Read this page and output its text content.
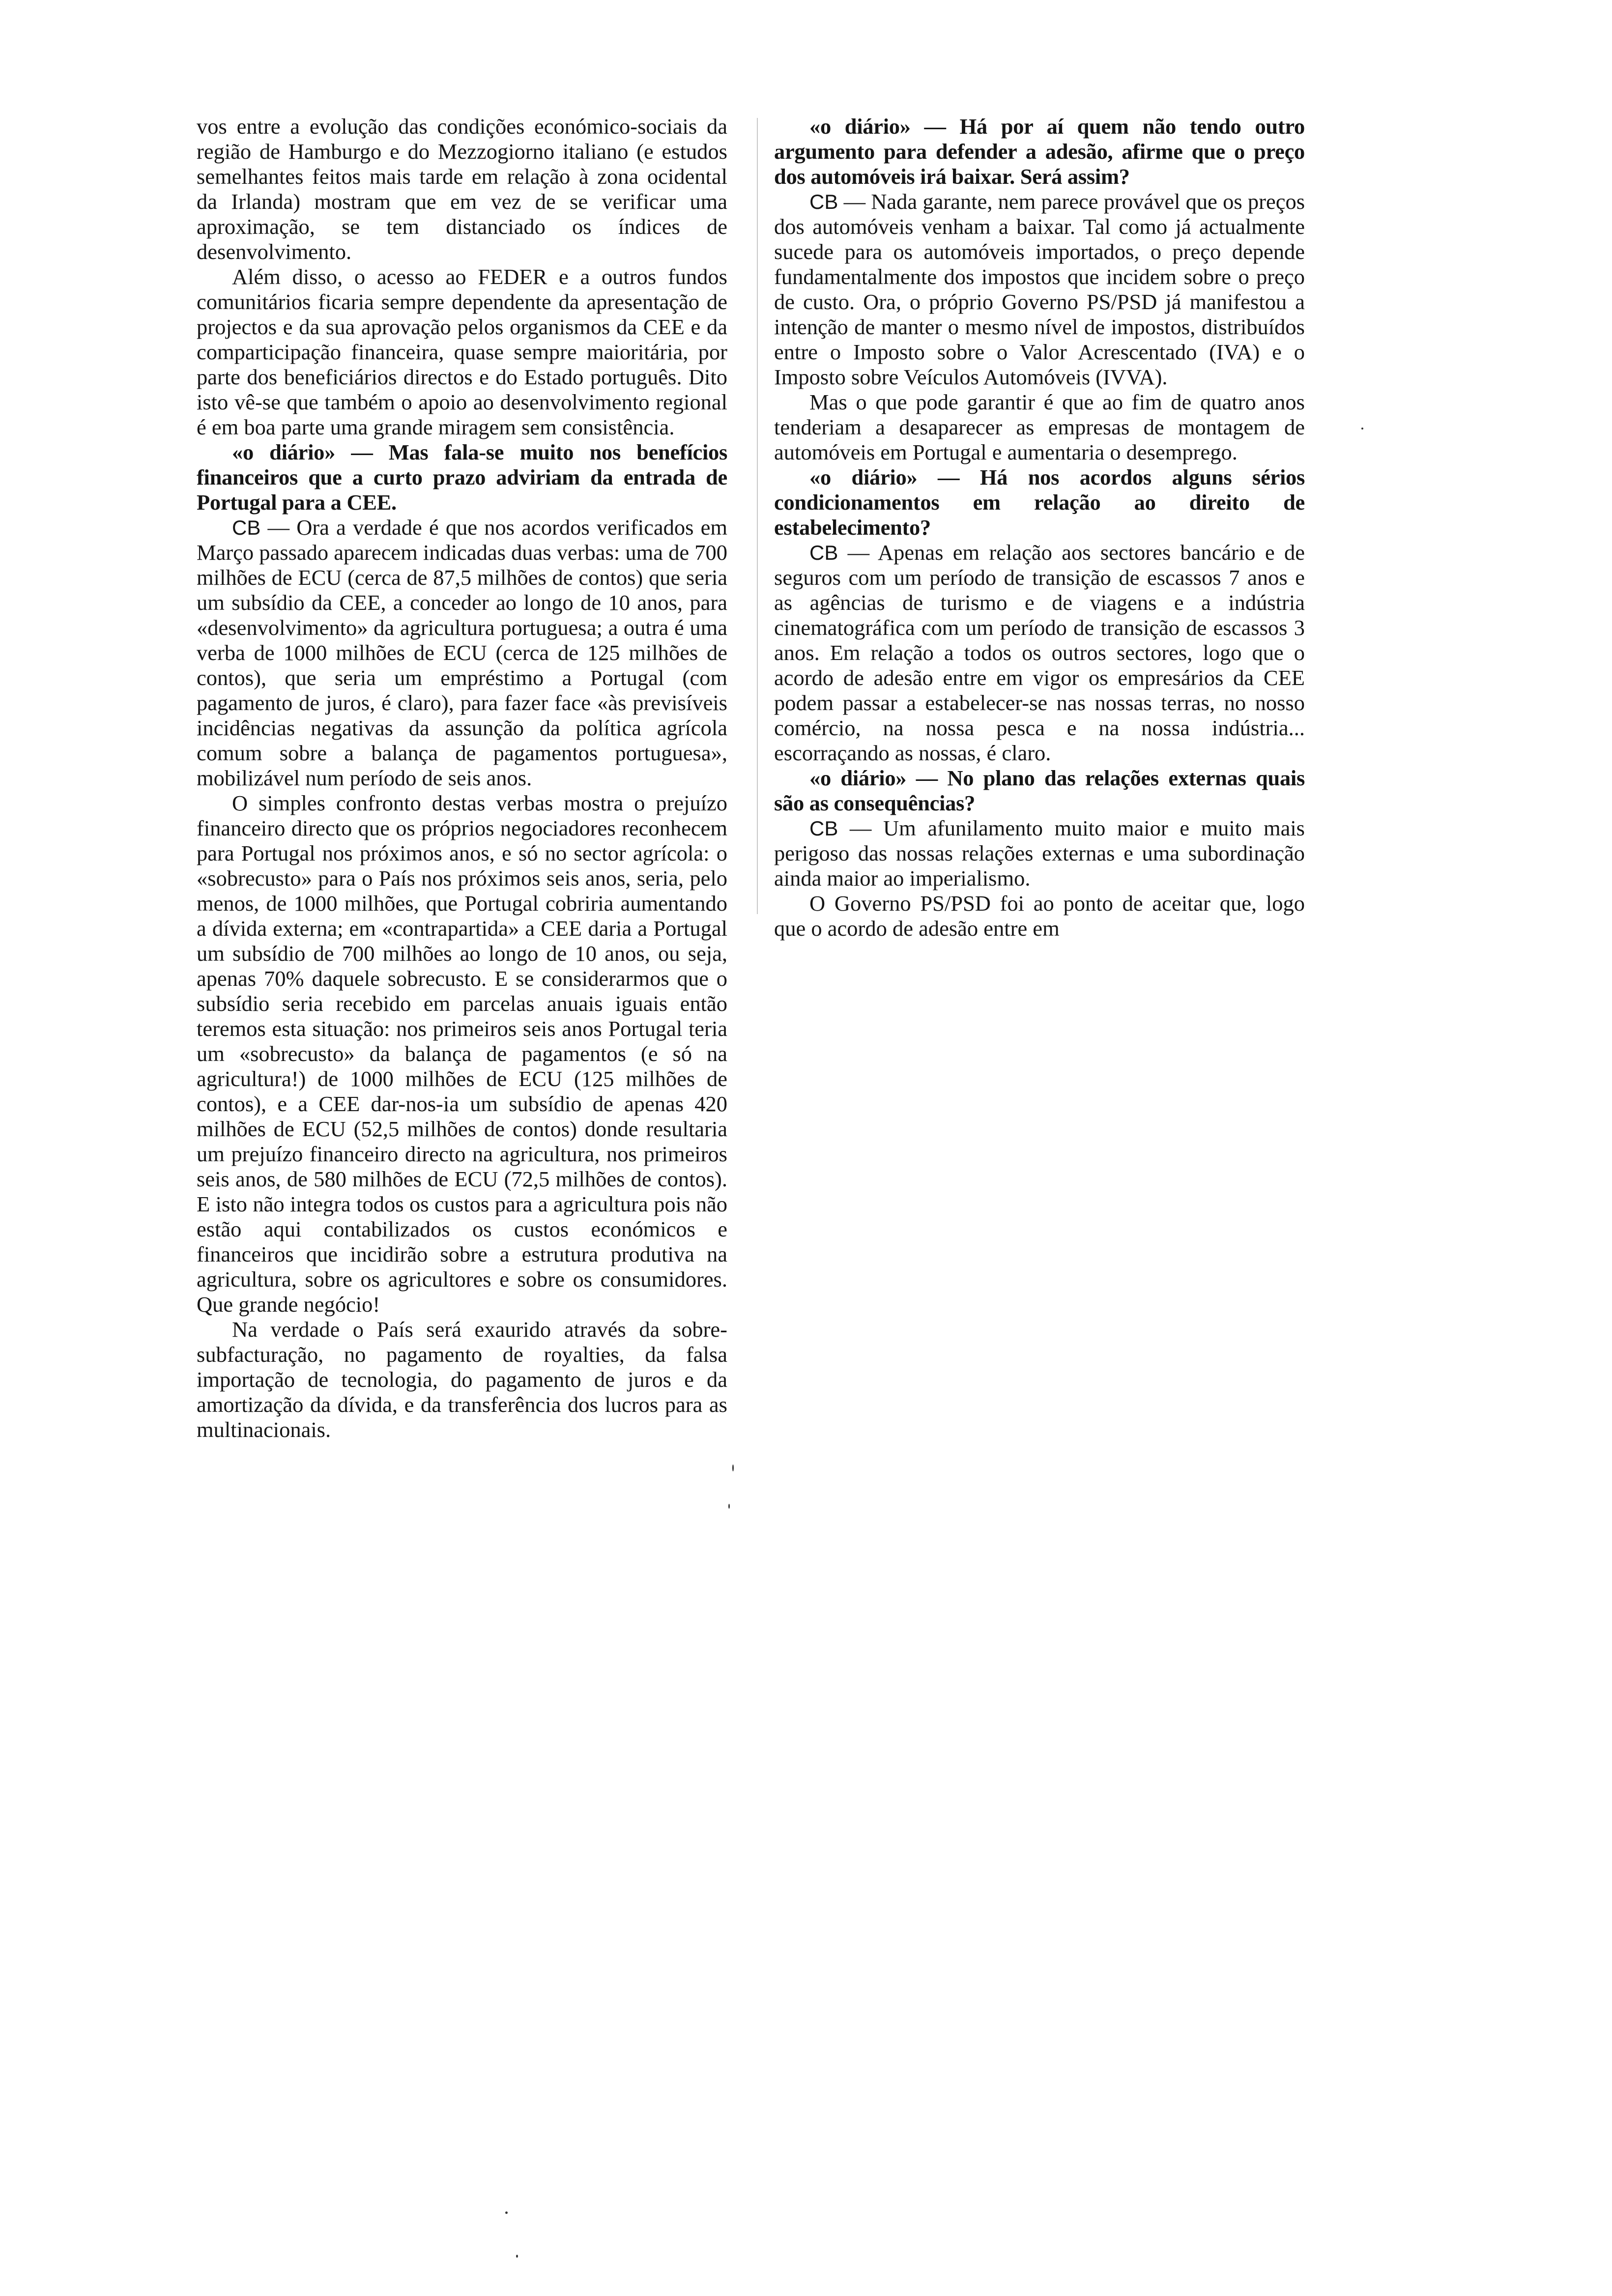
vos entre a evolução das condições económico-sociais da região de Hamburgo e do Mezzogiorno italiano (e estudos semelhantes feitos mais tarde em relação à zona ocidental da Irlanda) mostram que em vez de se verificar uma aproximação, se tem distanciado os índices de desenvolvimento.

Além disso, o acesso ao FEDER e a outros fundos comunitários ficaria sempre dependente da apresentação de projectos e da sua aprovação pelos organismos da CEE e da comparticipação financeira, quase sempre maioritária, por parte dos beneficiários directos e do Estado português. Dito isto vê-se que também o apoio ao desenvolvimento regional é em boa parte uma grande miragem sem consistência.

«o diário» — Mas fala-se muito nos benefícios financeiros que a curto prazo adviriam da entrada de Portugal para a CEE.

CB — Ora a verdade é que nos acordos verificados em Março passado aparecem indicadas duas verbas: uma de 700 milhões de ECU (cerca de 87,5 milhões de contos) que seria um subsídio da CEE, a conceder ao longo de 10 anos, para «desenvolvimento» da agricultura portuguesa; a outra é uma verba de 1000 milhões de ECU (cerca de 125 milhões de contos), que seria um empréstimo a Portugal (com pagamento de juros, é claro), para fazer face «às previsíveis incidências negativas da assunção da política agrícola comum sobre a balança de pagamentos portuguesa», mobilizável num período de seis anos.

O simples confronto destas verbas mostra o prejuízo financeiro directo que os próprios negociadores reconhecem para Portugal nos próximos anos, e só no sector agrícola: o «sobrecusto» para o País nos próximos seis anos, seria, pelo menos, de 1000 milhões, que Portugal cobriria aumentando a dívida externa; em «contrapartida» a CEE daria a Portugal um subsídio de 700 milhões ao longo de 10 anos, ou seja, apenas 70% daquele sobrecusto. E se considerarmos que o subsídio seria recebido em parcelas anuais iguais então teremos esta situação: nos primeiros seis anos Portugal teria um «sobrecusto» da balança de pagamentos (e só na agricultura!) de 1000 milhões de ECU (125 milhões de contos), e a CEE dar-nos-ia um subsídio de apenas 420 milhões de ECU (52,5 milhões de contos) donde resultaria um prejuízo financeiro directo na agricultura, nos primeiros seis anos, de 580 milhões de ECU (72,5 milhões de contos). E isto não integra todos os custos para a agricultura pois não estão aqui contabilizados os custos económicos e financeiros que incidirão sobre a estrutura produtiva na agricultura, sobre os agricultores e sobre os consumidores. Que grande negócio!

Na verdade o País será exaurido através da sobre-subfacturação, no pagamento de royalties, da falsa importação de tecnologia, do pagamento de juros e da amortização da dívida, e da transferência dos lucros para as multinacionais.

«o diário» — Há por aí quem não tendo outro argumento para defender a adesão, afirme que o preço dos automóveis irá baixar. Será assim?

CB — Nada garante, nem parece provável que os preços dos automóveis venham a baixar. Tal como já actualmente sucede para os automóveis importados, o preço depende fundamentalmente dos impostos que incidem sobre o preço de custo. Ora, o próprio Governo PS/PSD já manifestou a intenção de manter o mesmo nível de impostos, distribuídos entre o Imposto sobre o Valor Acrescentado (IVA) e o Imposto sobre Veículos Automóveis (IVVA).

Mas o que pode garantir é que ao fim de quatro anos tenderiam a desaparecer as empresas de montagem de automóveis em Portugal e aumentaria o desemprego.

«o diário» — Há nos acordos alguns sérios condicionamentos em relação ao direito de estabelecimento?

CB — Apenas em relação aos sectores bancário e de seguros com um período de transição de escassos 7 anos e as agências de turismo e de viagens e a indústria cinematográfica com um período de transição de escassos 3 anos. Em relação a todos os outros sectores, logo que o acordo de adesão entre em vigor os empresários da CEE podem passar a estabelecer-se nas nossas terras, no nosso comércio, na nossa pesca e na nossa indústria... escorraçando as nossas, é claro.

«o diário» — No plano das relações externas quais são as consequências?

CB — Um afunilamento muito maior e muito mais perigoso das nossas relações externas e uma subordinação ainda maior ao imperialismo.

O Governo PS/PSD foi ao ponto de aceitar que, logo que o acordo de adesão entre em
